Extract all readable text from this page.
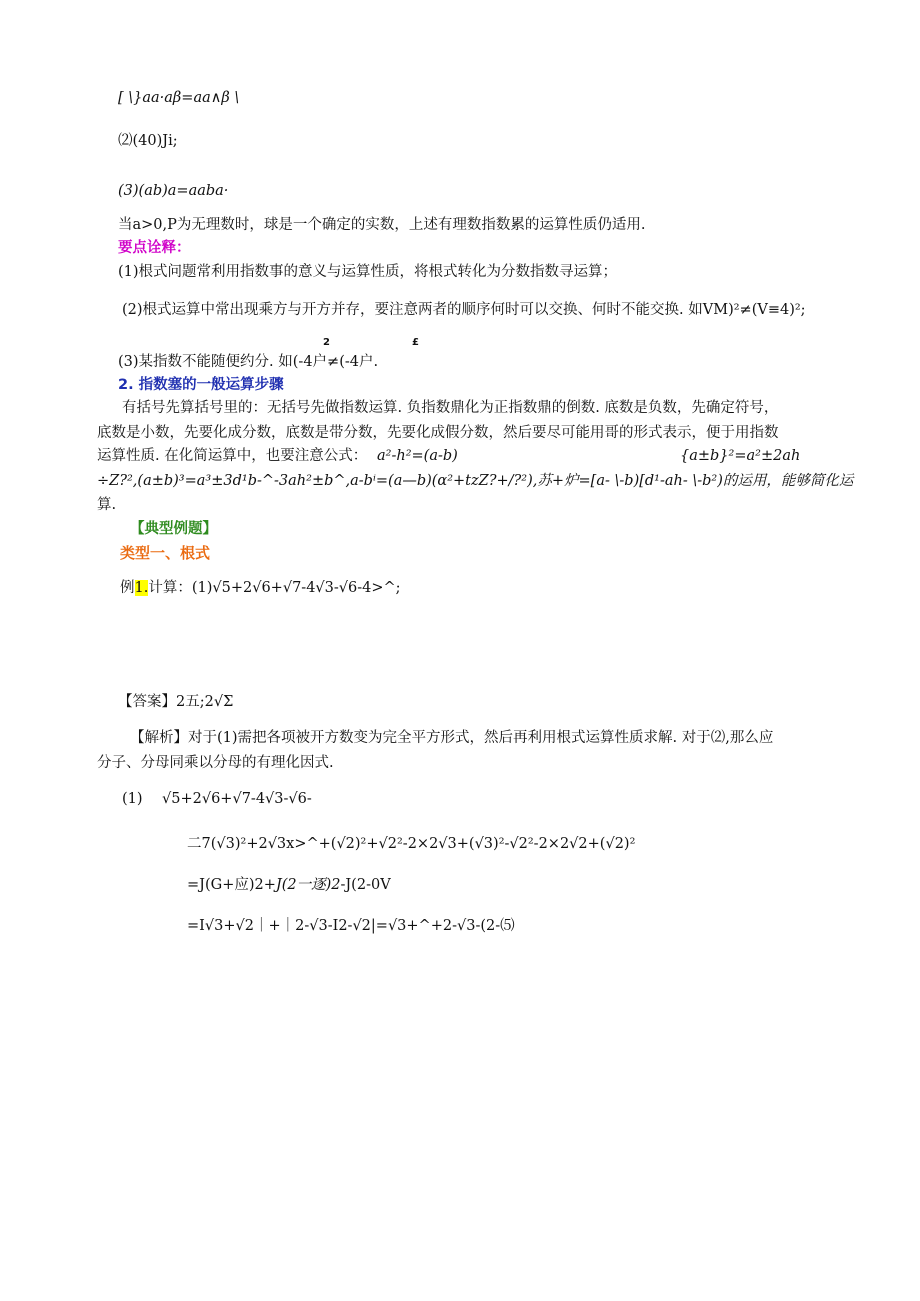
[ \}aa·aβ=aa∧β \
⑵(40)Ji;
(3)(ab)a=aaba·
当a>0,P为无理数时，球是一个确定的实数，上述有理数指数累的运算性质仍适用.
要点诠释：
(1)根式问题常利用指数事的意义与运算性质，将根式转化为分数指数寻运算；
(2)根式运算中常出现乘方与开方并存，要注意两者的顺序何时可以交换、何时不能交换. 如VM)²≠(V≡4)²;
2	£
(3)某指数不能随便约分. 如(-4户≠(-4户.
2. 指数塞的一般运算步骤
有括号先算括号里的：无括号先做指数运算. 负指数鼎化为正指数鼎的倒数. 底数是负数，先确定符号，
底数是小数，先要化成分数，底数是带分数，先要化成假分数，然后要尽可能用哥的形式表示，便于用指数
运算性质. 在化简运算中，也要注意公式： a²-h²=(a-b)	{a±b}²=a²±2ah
÷Z?²,(a±b)³=a³±3d¹b-^-3ah²±b^,a-bⁱ=(a—b)(α²+tzZ?+/?²),苏+炉=[a- \-b)[d¹-ah- \-b²)的运用，能够简化运
算.
【典型例题】
类型一、根式
例1.计算：(1)√5+2√6+√7-4√3-√6-4>^;
【答案】2五;2√Σ
【解析】对于(1)需把各项被开方数变为完全平方形式，然后再利用根式运算性质求解. 对于⑵,那么应
分子、分母同乘以分母的有理化因式.
(1) √5+2√6+√7-4√3-√6-
二7(√3)²+2√3x>^+(√2)²+√2²-2×2√3+(√3)²-√2²-2×2√2+(√2)²
=J(G+应)2+J(2一逐)2-J(2-0V
=I√3+√2｜+｜2-√3-I2-√2|=√3+^+2-√3-(2-⑸
